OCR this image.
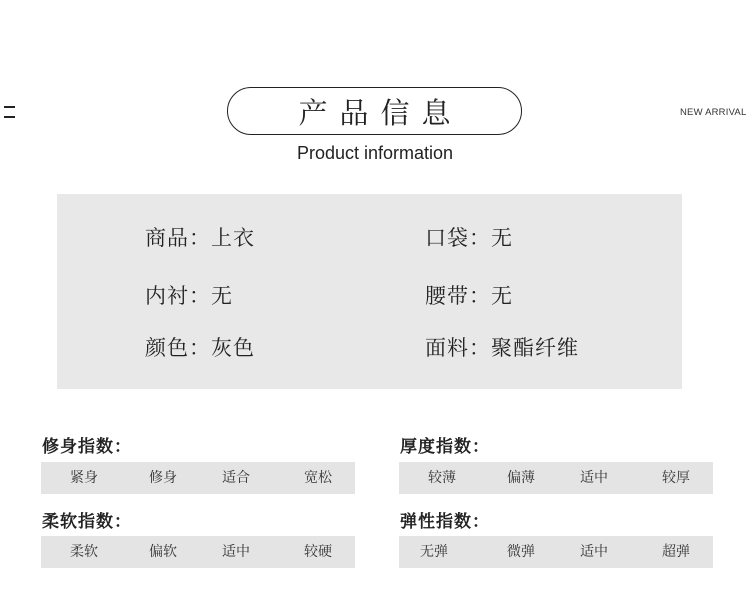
产品信息
Product information
NEW ARRIVAL
商品：上衣	口袋：无
内衬：无	腰带：无
颜色：灰色	面料：聚酯纤维
修身指数：
紧身	修身	适合	宽松
厚度指数：
较薄	偏薄	适中	较厚
柔软指数：
柔软	偏软	适中	较硬
弹性指数：
无弹	微弹	适中	超弹
